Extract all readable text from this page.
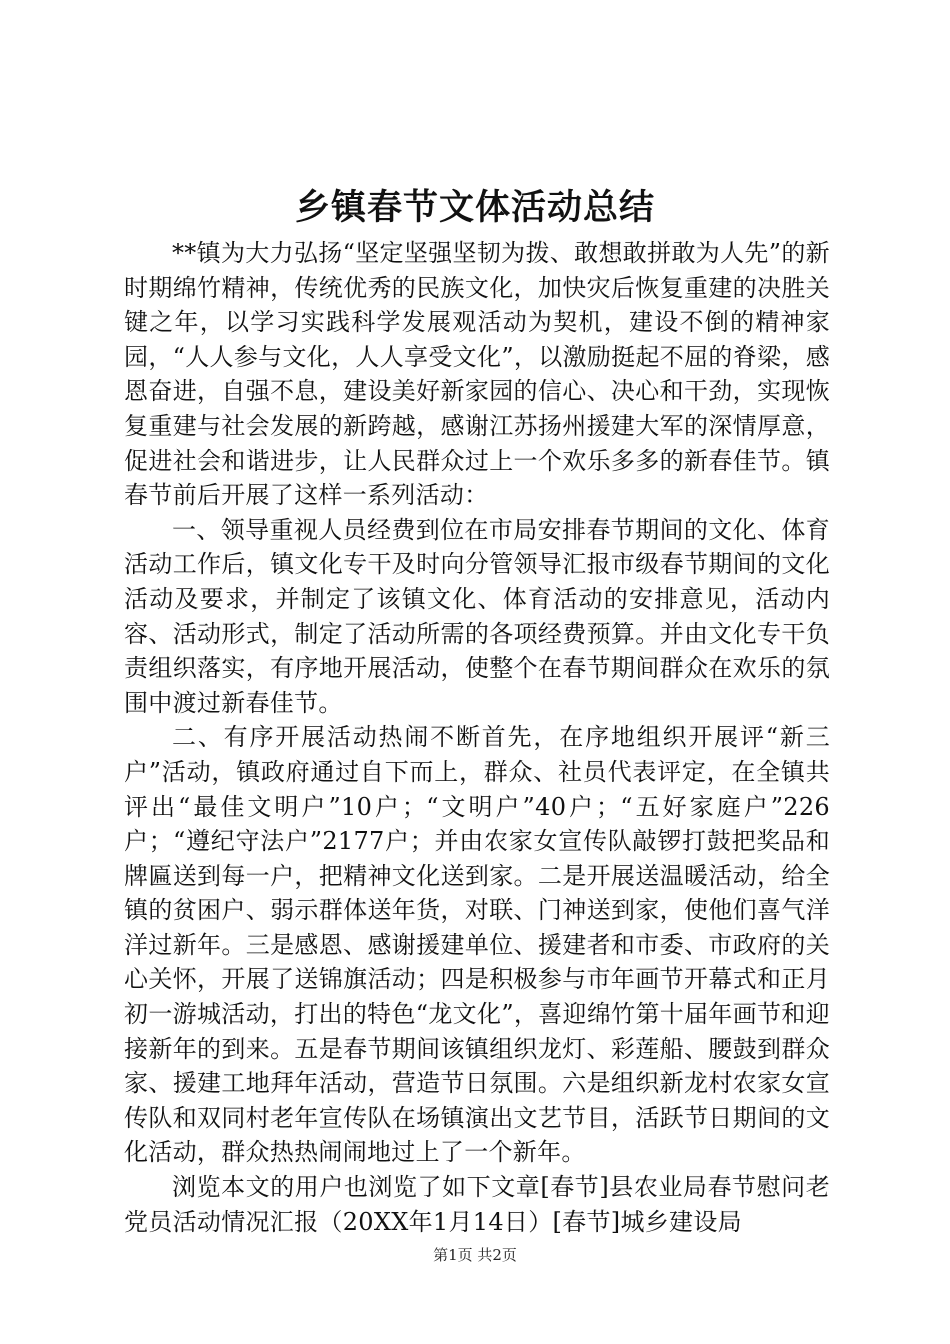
乡镇春节文体活动总结

**镇为大力弘扬“坚定坚强坚韧为拨、敢想敢拼敢为人先”的新时期绵竹精神，传统优秀的民族文化，加快灾后恢复重建的决胜关键之年，以学习实践科学发展观活动为契机，建设不倒的精神家园，“人人参与文化，人人享受文化”，以激励挺起不屈的脊梁，感恩奋进，自强不息，建设美好新家园的信心、决心和干劲，实现恢复重建与社会发展的新跨越，感谢江苏扬州援建大军的深情厚意，促进社会和谐进步，让人民群众过上一个欢乐多多的新春佳节。镇春节前后开展了这样一系列活动：

一、领导重视人员经费到位在市局安排春节期间的文化、体育活动工作后，镇文化专干及时向分管领导汇报市级春节期间的文化活动及要求，并制定了该镇文化、体育活动的安排意见，活动内容、活动形式，制定了活动所需的各项经费预算。并由文化专干负责组织落实，有序地开展活动，使整个在春节期间群众在欢乐的氛围中渡过新春佳节。

二、有序开展活动热闹不断首先，在序地组织开展评“新三户”活动，镇政府通过自下而上，群众、社员代表评定，在全镇共评出“最佳文明户”10户；“文明户”40户；“五好家庭户”226户；“遵纪守法户”2177户；并由农家女宣传队敲锣打鼓把奖品和牌匾送到每一户，把精神文化送到家。二是开展送温暖活动，给全镇的贫困户、弱示群体送年货，对联、门神送到家，使他们喜气洋洋过新年。三是感恩、感谢援建单位、援建者和市委、市政府的关心关怀，开展了送锦旗活动；四是积极参与市年画节开幕式和正月初一游城活动，打出的特色“龙文化”，喜迎绵竹第十届年画节和迎接新年的到来。五是春节期间该镇组织龙灯、彩莲船、腰鼓到群众家、援建工地拜年活动，营造节日氛围。六是组织新龙村农家女宣传队和双同村老年宣传队在场镇演出文艺节目，活跃节日期间的文化活动，群众热热闹闹地过上了一个新年。

浏览本文的用户也浏览了如下文章[春节]县农业局春节慰问老党员活动情况汇报（20XX年1月14日）[春节]城乡建设局

第1页 共2页
